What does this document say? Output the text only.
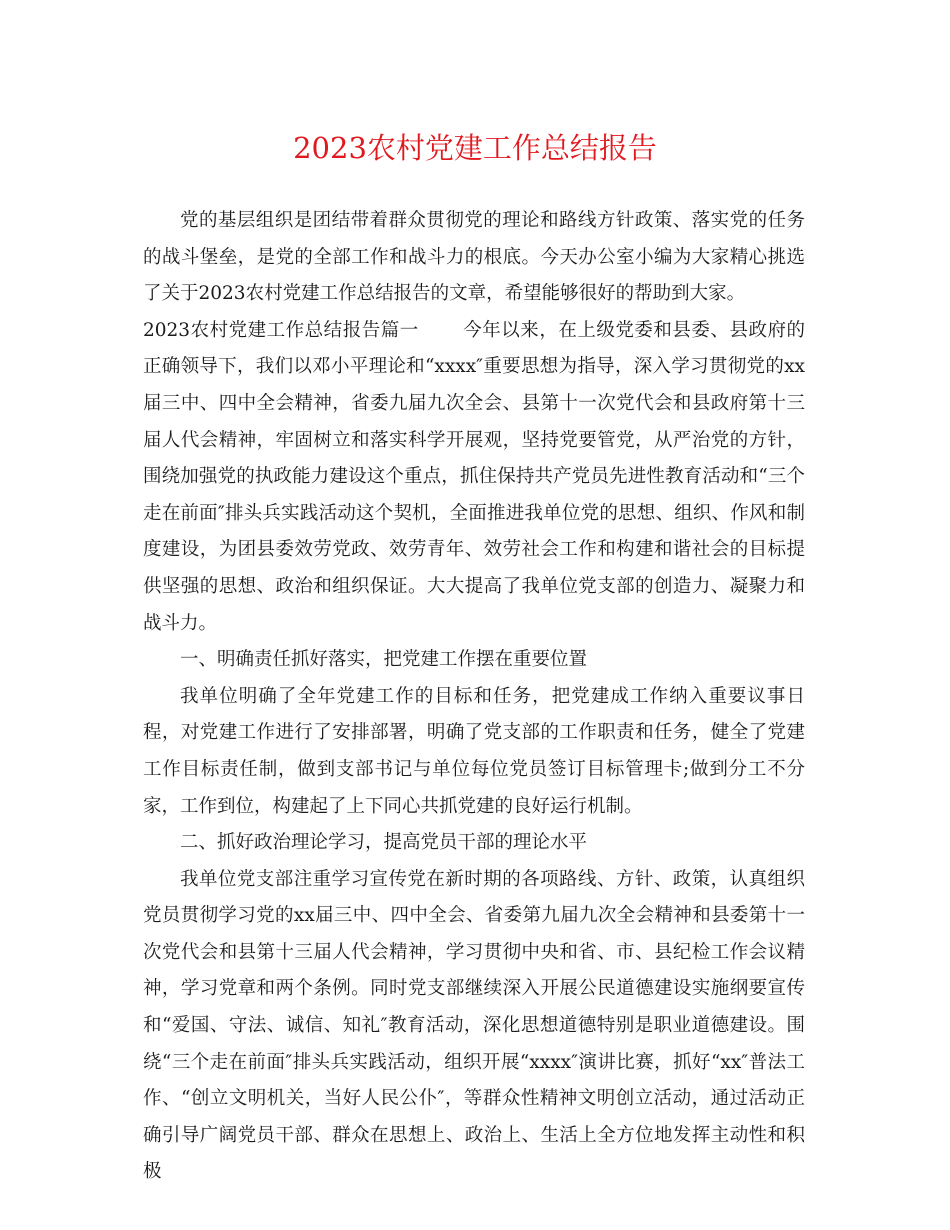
2023农村党建工作总结报告

党的基层组织是团结带着群众贯彻党的理论和路线方针政策、落实党的任务的战斗堡垒，是党的全部工作和战斗力的根底。今天办公室小编为大家精心挑选了关于2023农村党建工作总结报告的文章，希望能够很好的帮助到大家。

2023农村党建工作总结报告篇一 今年以来，在上级党委和县委、县政府的正确领导下，我们以邓小平理论和“xxxx″重要思想为指导，深入学习贯彻党的xx届三中、四中全会精神，省委九届九次全会、县第十一次党代会和县政府第十三届人代会精神，牢固树立和落实科学开展观，坚持党要管党，从严治党的方针，围绕加强党的执政能力建设这个重点，抓住保持共产党员先进性教育活动和“三个走在前面″排头兵实践活动这个契机，全面推进我单位党的思想、组织、作风和制度建设，为团县委效劳党政、效劳青年、效劳社会工作和构建和谐社会的目标提供坚强的思想、政治和组织保证。大大提高了我单位党支部的创造力、凝聚力和战斗力。

一、明确责任抓好落实，把党建工作摆在重要位置

我单位明确了全年党建工作的目标和任务，把党建成工作纳入重要议事日程，对党建工作进行了安排部署，明确了党支部的工作职责和任务，健全了党建工作目标责任制，做到支部书记与单位每位党员签订目标管理卡;做到分工不分家，工作到位，构建起了上下同心共抓党建的良好运行机制。

二、抓好政治理论学习，提高党员干部的理论水平

我单位党支部注重学习宣传党在新时期的各项路线、方针、政策，认真组织党员贯彻学习党的xx届三中、四中全会、省委第九届九次全会精神和县委第十一次党代会和县第十三届人代会精神，学习贯彻中央和省、市、县纪检工作会议精神，学习党章和两个条例。同时党支部继续深入开展公民道德建设实施纲要宣传和“爱国、守法、诚信、知礼″教育活动，深化思想道德特别是职业道德建设。围绕“三个走在前面″排头兵实践活动，组织开展“xxxx″演讲比赛，抓好“xx″普法工作、“创立文明机关，当好人民公仆″，等群众性精神文明创立活动，通过活动正确引导广阔党员干部、群众在思想上、政治上、生活上全方位地发挥主动性和积极
